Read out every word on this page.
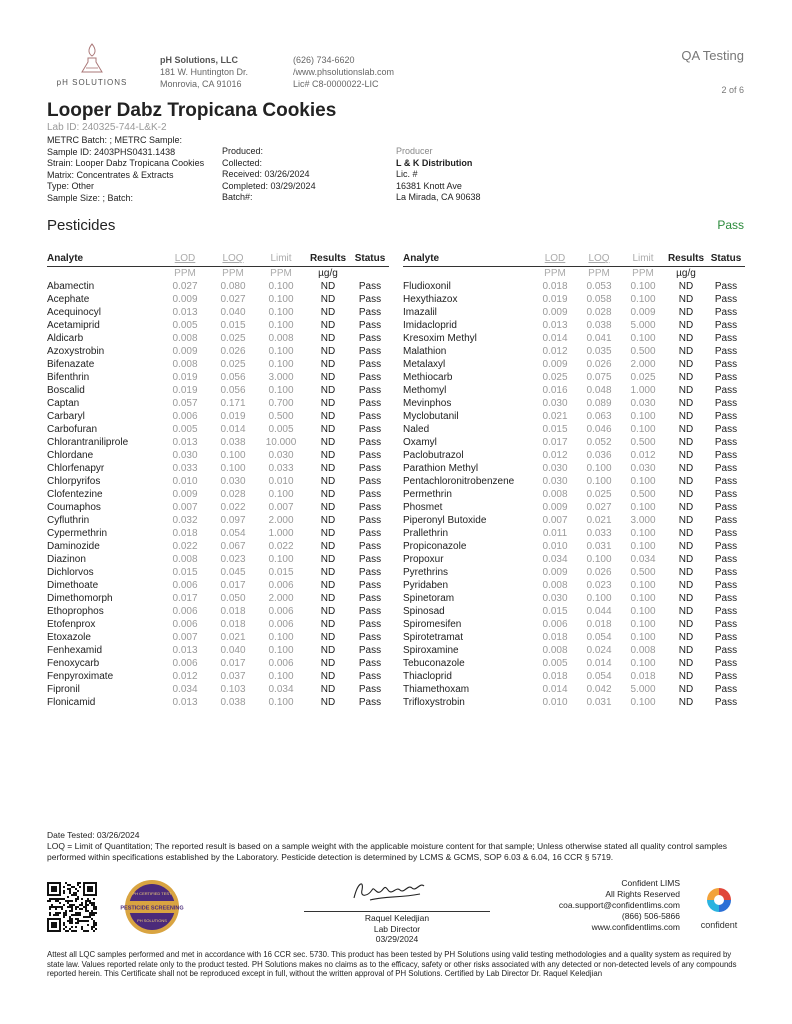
pH SOLUTIONS
pH Solutions, LLC
181 W. Huntington Dr.
Monrovia, CA 91016
(626) 734-6620
/www.phsolutionslab.com
Lic# C8-0000022-LIC
QA Testing
2 of 6
Looper Dabz Tropicana Cookies
Lab ID: 240325-744-L&K-2
METRC Batch: ; METRC Sample:
Sample ID: 2403PHS0431.1438
Strain: Looper Dabz Tropicana Cookies
Matrix: Concentrates & Extracts
Type: Other
Sample Size: ; Batch:
Produced:
Collected:
Received: 03/26/2024
Completed: 03/29/2024
Batch#:
Producer
L & K Distribution
Lic. #
16381 Knott Ave
La Mirada, CA 90638
Pesticides	Pass
Analyte	LOD	LOQ	Limit	Results	Status
	PPM	PPM	PPM	µg/g	
Abamectin	0.027	0.080	0.100	ND	Pass
Acephate	0.009	0.027	0.100	ND	Pass
Acequinocyl	0.013	0.040	0.100	ND	Pass
Acetamiprid	0.005	0.015	0.100	ND	Pass
Aldicarb	0.008	0.025	0.008	ND	Pass
Azoxystrobin	0.009	0.026	0.100	ND	Pass
Bifenazate	0.008	0.025	0.100	ND	Pass
Bifenthrin	0.019	0.056	3.000	ND	Pass
Boscalid	0.019	0.056	0.100	ND	Pass
Captan	0.057	0.171	0.700	ND	Pass
Carbaryl	0.006	0.019	0.500	ND	Pass
Carbofuran	0.005	0.014	0.005	ND	Pass
Chlorantraniliprole	0.013	0.038	10.000	ND	Pass
Chlordane	0.030	0.100	0.030	ND	Pass
Chlorfenapyr	0.033	0.100	0.033	ND	Pass
Chlorpyrifos	0.010	0.030	0.010	ND	Pass
Clofentezine	0.009	0.028	0.100	ND	Pass
Coumaphos	0.007	0.022	0.007	ND	Pass
Cyfluthrin	0.032	0.097	2.000	ND	Pass
Cypermethrin	0.018	0.054	1.000	ND	Pass
Daminozide	0.022	0.067	0.022	ND	Pass
Diazinon	0.008	0.023	0.100	ND	Pass
Dichlorvos	0.015	0.045	0.015	ND	Pass
Dimethoate	0.006	0.017	0.006	ND	Pass
Dimethomorph	0.017	0.050	2.000	ND	Pass
Ethoprophos	0.006	0.018	0.006	ND	Pass
Etofenprox	0.006	0.018	0.006	ND	Pass
Etoxazole	0.007	0.021	0.100	ND	Pass
Fenhexamid	0.013	0.040	0.100	ND	Pass
Fenoxycarb	0.006	0.017	0.006	ND	Pass
Fenpyroximate	0.012	0.037	0.100	ND	Pass
Fipronil	0.034	0.103	0.034	ND	Pass
Flonicamid	0.013	0.038	0.100	ND	Pass
Analyte	LOD	LOQ	Limit	Results	Status
	PPM	PPM	PPM	µg/g	
Fludioxonil	0.018	0.053	0.100	ND	Pass
Hexythiazox	0.019	0.058	0.100	ND	Pass
Imazalil	0.009	0.028	0.009	ND	Pass
Imidacloprid	0.013	0.038	5.000	ND	Pass
Kresoxim Methyl	0.014	0.041	0.100	ND	Pass
Malathion	0.012	0.035	0.500	ND	Pass
Metalaxyl	0.009	0.026	2.000	ND	Pass
Methiocarb	0.025	0.075	0.025	ND	Pass
Methomyl	0.016	0.048	1.000	ND	Pass
Mevinphos	0.030	0.089	0.030	ND	Pass
Myclobutanil	0.021	0.063	0.100	ND	Pass
Naled	0.015	0.046	0.100	ND	Pass
Oxamyl	0.017	0.052	0.500	ND	Pass
Paclobutrazol	0.012	0.036	0.012	ND	Pass
Parathion Methyl	0.030	0.100	0.030	ND	Pass
Pentachloronitrobenzene	0.030	0.100	0.100	ND	Pass
Permethrin	0.008	0.025	0.500	ND	Pass
Phosmet	0.009	0.027	0.100	ND	Pass
Piperonyl Butoxide	0.007	0.021	3.000	ND	Pass
Prallethrin	0.011	0.033	0.100	ND	Pass
Propiconazole	0.010	0.031	0.100	ND	Pass
Propoxur	0.034	0.100	0.034	ND	Pass
Pyrethrins	0.009	0.026	0.500	ND	Pass
Pyridaben	0.008	0.023	0.100	ND	Pass
Spinetoram	0.030	0.100	0.100	ND	Pass
Spinosad	0.015	0.044	0.100	ND	Pass
Spiromesifen	0.006	0.018	0.100	ND	Pass
Spirotetramat	0.018	0.054	0.100	ND	Pass
Spiroxamine	0.008	0.024	0.008	ND	Pass
Tebuconazole	0.005	0.014	0.100	ND	Pass
Thiacloprid	0.018	0.054	0.018	ND	Pass
Thiamethoxam	0.014	0.042	5.000	ND	Pass
Trifloxystrobin	0.010	0.031	0.100	ND	Pass
Date Tested: 03/26/2024
LOQ = Limit of Quantitation; The reported result is based on a sample weight with the applicable moisture content for that sample; Unless otherwise stated all quality control samples performed within specifications established by the Laboratory. Pesticide detection is determined by LCMS & GCMS, SOP 6.03 & 6.04, 16 CCR § 5719.
PESTICIDE SCREENING
PH CERTIFIED TEST
PH SOLUTIONS	Raquel Keledjian
Lab Director
03/29/2024
Confident LIMS
All Rights Reserved
coa.support@confidentlims.com
(866) 506-5866
www.confidentlims.com	confident
Attest all LQC samples performed and met in accordance with 16 CCR sec. 5730. This product has been tested by PH Solutions using valid testing methodologies and a quality system as required by state law. Values reported relate only to the product tested. PH Solutions makes no claims as to the efficacy, safety or other risks associated with any detected or non-detected levels of any compounds reported herein. This Certificate shall not be reproduced except in full, without the written approval of PH Solutions. Certified by Lab Director Dr. Raquel Keledjian
